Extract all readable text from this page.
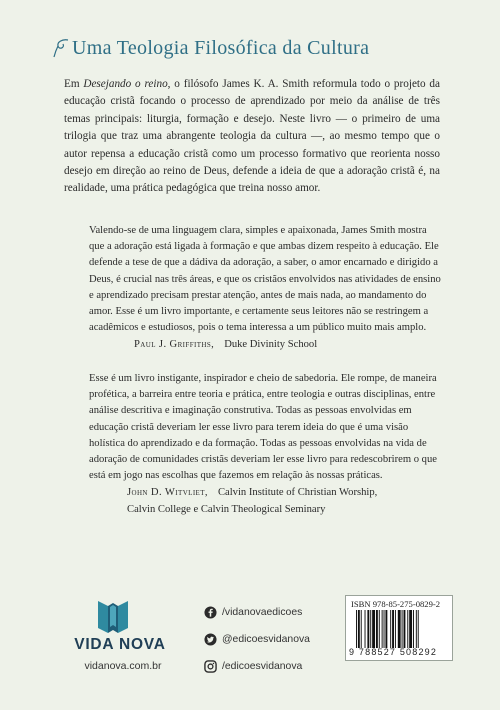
Uma Teologia Filosófica da Cultura
Em Desejando o reino, o filósofo James K. A. Smith reformula todo o projeto da educação cristã focando o processo de aprendizado por meio da análise de três temas principais: liturgia, formação e desejo. Neste livro — o primeiro de uma trilogia que traz uma abrangente teologia da cultura —, ao mesmo tempo que o autor repensa a educação cristã como um processo formativo que reorienta nosso desejo em direção ao reino de Deus, defende a ideia de que a adoração cristã é, na realidade, uma prática pedagógica que treina nosso amor.
Valendo-se de uma linguagem clara, simples e apaixonada, James Smith mostra que a adoração está ligada à formação e que ambas dizem respeito à educação. Ele defende a tese de que a dádiva da adoração, a saber, o amor encarnado e dirigido a Deus, é crucial nas três áreas, e que os cristãos envolvidos nas atividades de ensino e aprendizado precisam prestar atenção, antes de mais nada, ao mandamento do amor. Esse é um livro importante, e certamente seus leitores não se restringem a acadêmicos e estudiosos, pois o tema interessa a um público muito mais amplo.
Paul J. Griffiths, Duke Divinity School
Esse é um livro instigante, inspirador e cheio de sabedoria. Ele rompe, de maneira profética, a barreira entre teoria e prática, entre teologia e outras disciplinas, entre análise descritiva e imaginação construtiva. Todas as pessoas envolvidas em educação cristã deveriam ler esse livro para terem ideia do que é uma visão holística do aprendizado e da formação. Todas as pessoas envolvidas na vida de adoração de comunidades cristãs deveriam ler esse livro para redescobrirem o que está em jogo nas escolhas que fazemos em relação às nossas práticas.
John D. Witvliet, Calvin Institute of Christian Worship,
Calvin College e Calvin Theological Seminary
VIDA NOVA
vidanova.com.br
/vidanovaedicoes
@edicoesvidanova
/edicoesvidanova
ISBN 978-85-275-0829-2
9 788527 508292
